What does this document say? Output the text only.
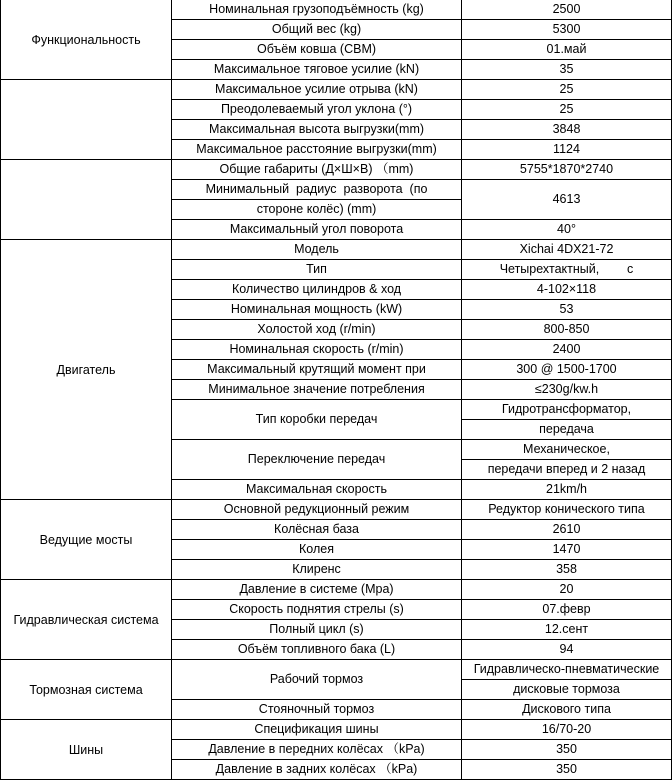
Функциональность	Номинальная грузоподъёмность (kg)	2500
	Общий вес (kg)	5300
	Объём ковша (CBM)	01.май
	Максимальное тяговое усилие (kN)	35
	Максимальное усилие отрыва (kN)	25
	Преодолеваемый угол уклона (°)	25
	Максимальная высота выгрузки(mm)	3848
	Максимальное расстояние выгрузки(mm)	1124
	Общие габариты (Д×Ш×В) （mm)	5755*1870*2740
	Минимальный  радиус  разворота  (по	4613
	стороне колёс) (mm)	
	Максимальный угол поворота	40°
Двигатель	Модель	Xichai 4DX21-72
	Тип	Четырехтактный,        с
	Количество цилиндров & ход	4-102×118
	Номинальная мощность (kW)	53
	Холостой ход (r/min)	800-850
	Номинальная скорость (r/min)	2400
	Максимальный крутящий момент при	300 @ 1500-1700
	Минимальное значение потребления	≤230g/kw.h
	Тип коробки передач	Гидротрансформатор,
		передача
	Переключение передач	Механическое,
		передачи вперед и 2 назад
	Максимальная скорость	21km/h
Ведущие мосты	Основной редукционный режим	Редуктор конического типа
	Колёсная база	2610
	Колея	1470
	Клиренс	358
Гидравлическая система	Давление в системе (Mpa)	20
	Скорость поднятия стрелы (s)	07.февр
	Полный цикл (s)	12.сент
	Объём топливного бака (L)	94
Тормозная система	Рабочий тормоз	Гидравлическо-пневматические
		дисковые тормоза
	Стояночный тормоз	Дискового типа
Шины	Спецификация шины	16/70-20
	Давление в передних колёсах （kPa)	350
	Давление в задних колёсах （kPa)	350
